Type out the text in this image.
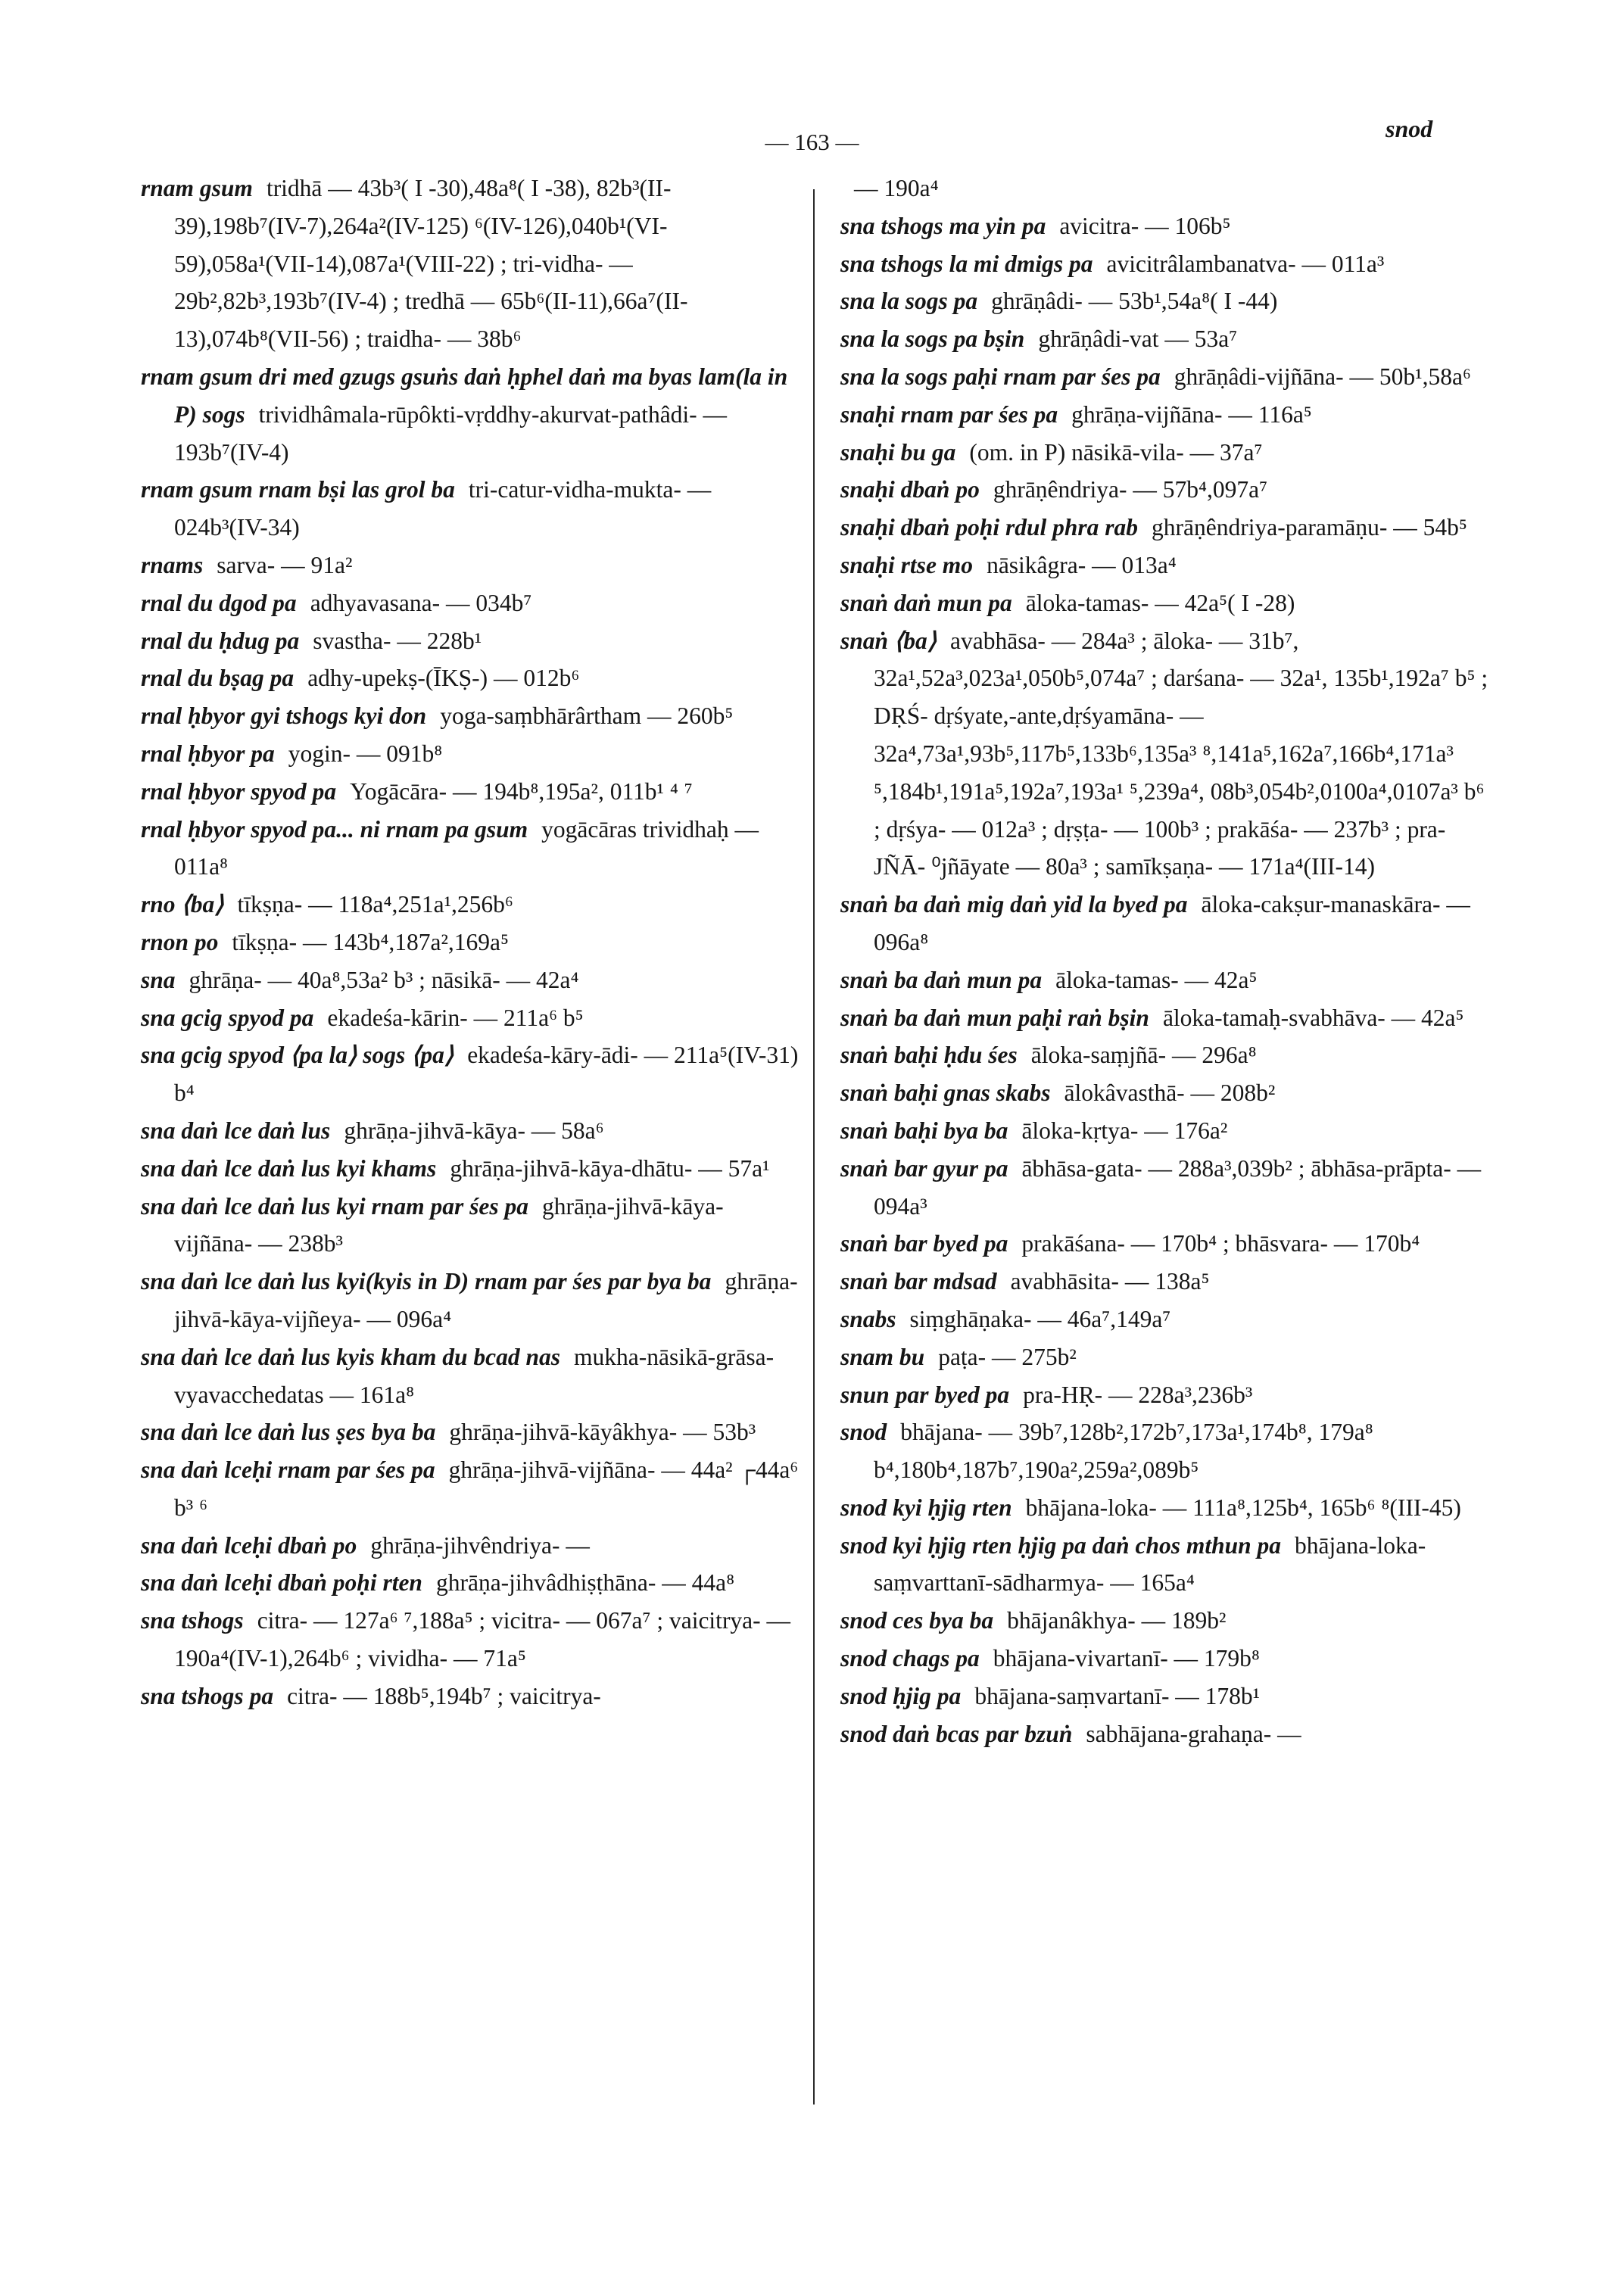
— 163 —	snod

rnam gsum tridhā — 43b³( I -30),48a⁸( I -38), 82b³(II-39),198b⁷(IV-7),264a²(IV-125) ⁶(IV-126),040b¹(VI-59),058a¹(VII-14),087a¹(VIII-22) ; tri-vidha- — 29b²,82b³,193b⁷(IV-4) ; tredhā — 65b⁶(II-11),66a⁷(II-13),074b⁸(VII-56) ; traidha- — 38b⁶

rnam gsum dri med gzugs gsuṅs daṅ ḥphel daṅ ma byas lam(la in P) sogs trividhâmala-rūpôkti-vṛddhy-akurvat-pathâdi- — 193b⁷(IV-4)

rnam gsum rnam bṣi las grol ba tri-catur-vidha-mukta- — 024b³(IV-34)

rnams sarva- — 91a²

rnal du dgod pa adhyavasana- — 034b⁷

rnal du ḥdug pa svastha- — 228b¹

rnal du bṣag pa adhy-upekṣ-(ĪKṢ-) — 012b⁶

rnal ḥbyor gyi tshogs kyi don yoga-saṃbhārârtham — 260b⁵

rnal ḥbyor pa yogin- — 091b⁸

rnal ḥbyor spyod pa Yogācāra- — 194b⁸,195a², 011b¹ ⁴ ⁷

rnal ḥbyor spyod pa... ni rnam pa gsum yogācāras trividhaḥ — 011a⁸

rno ⟨ba⟩ tīkṣṇa- — 118a⁴,251a¹,256b⁶

rnon po tīkṣṇa- — 143b⁴,187a²,169a⁵

sna ghrāṇa- — 40a⁸,53a² b³ ; nāsikā- — 42a⁴

sna gcig spyod pa ekadeśa-kārin- — 211a⁶ b⁵

sna gcig spyod ⟨pa la⟩ sogs ⟨pa⟩ ekadeśa-kāry-ādi- — 211a⁵(IV-31) b⁴

sna daṅ lce daṅ lus ghrāṇa-jihvā-kāya- — 58a⁶

sna daṅ lce daṅ lus kyi khams ghrāṇa-jihvā-kāya-dhātu- — 57a¹

sna daṅ lce daṅ lus kyi rnam par śes pa ghrāṇa-jihvā-kāya-vijñāna- — 238b³

sna daṅ lce daṅ lus kyi(kyis in D) rnam par śes par bya ba ghrāṇa-jihvā-kāya-vijñeya- — 096a⁴

sna daṅ lce daṅ lus kyis kham du bcad nas mukha-nāsikā-grāsa-vyavacchedatas — 161a⁸

sna daṅ lce daṅ lus ṣes bya ba ghrāṇa-jihvā-kāyâkhya- — 53b³

sna daṅ lceḥi rnam par śes pa ghrāṇa-jihvā-vijñāna- — 44a² ┌44a⁶ b³ ⁶

sna daṅ lceḥi dbaṅ po ghrāṇa-jihvêndriya- —

sna daṅ lceḥi dbaṅ poḥi rten ghrāṇa-jihvâdhiṣṭhāna- — 44a⁸

sna tshogs citra- — 127a⁶ ⁷,188a⁵ ; vicitra- — 067a⁷ ; vaicitrya- — 190a⁴(IV-1),264b⁶ ; vividha- — 71a⁵

sna tshogs pa citra- — 188b⁵,194b⁷ ; vaicitrya-

— 190a⁴

sna tshogs ma yin pa avicitra- — 106b⁵

sna tshogs la mi dmigs pa avicitrâlambanatva- — 011a³

sna la sogs pa ghrāṇâdi- — 53b¹,54a⁸( I -44)

sna la sogs pa bṣin ghrāṇâdi-vat — 53a⁷

sna la sogs paḥi rnam par śes pa ghrāṇâdi-vijñāna- — 50b¹,58a⁶

snaḥi rnam par śes pa ghrāṇa-vijñāna- — 116a⁵

snaḥi bu ga (om. in P) nāsikā-vila- — 37a⁷

snaḥi dbaṅ po ghrāṇêndriya- — 57b⁴,097a⁷

snaḥi dbaṅ poḥi rdul phra rab ghrāṇêndriya-paramāṇu- — 54b⁵

snaḥi rtse mo nāsikâgra- — 013a⁴

snaṅ daṅ mun pa āloka-tamas- — 42a⁵( I -28)

snaṅ ⟨ba⟩ avabhāsa- — 284a³ ; āloka- — 31b⁷, 32a¹,52a³,023a¹,050b⁵,074a⁷ ; darśana- — 32a¹, 135b¹,192a⁷ b⁵ ; DṚŚ- dṛśyate,-ante,dṛśyamāna- — 32a⁴,73a¹,93b⁵,117b⁵,133b⁶,135a³ ⁸,141a⁵,162a⁷,166b⁴,171a³ ⁵,184b¹,191a⁵,192a⁷,193a¹ ⁵,239a⁴, 08b³,054b²,0100a⁴,0107a³ b⁶ ; dṛśya- — 012a³ ; dṛṣṭa- — 100b³ ; prakāśa- — 237b³ ; pra-JÑĀ- ⁰jñāyate — 80a³ ; samīkṣaṇa- — 171a⁴(III-14)

snaṅ ba daṅ mig daṅ yid la byed pa āloka-cakṣur-manaskāra- — 096a⁸

snaṅ ba daṅ mun pa āloka-tamas- — 42a⁵

snaṅ ba daṅ mun paḥi raṅ bṣin āloka-tamaḥ-svabhāva- — 42a⁵

snaṅ baḥi ḥdu śes āloka-saṃjñā- — 296a⁸

snaṅ baḥi gnas skabs ālokâvasthā- — 208b²

snaṅ baḥi bya ba āloka-kṛtya- — 176a²

snaṅ bar gyur pa ābhāsa-gata- — 288a³,039b² ; ābhāsa-prāpta- — 094a³

snaṅ bar byed pa prakāśana- — 170b⁴ ; bhāsvara- — 170b⁴

snaṅ bar mdsad avabhāsita- — 138a⁵

snabs siṃghāṇaka- — 46a⁷,149a⁷

snam bu paṭa- — 275b²

snun par byed pa pra-HṚ- — 228a³,236b³

snod bhājana- — 39b⁷,128b²,172b⁷,173a¹,174b⁸, 179a⁸ b⁴,180b⁴,187b⁷,190a²,259a²,089b⁵

snod kyi ḥjig rten bhājana-loka- — 111a⁸,125b⁴, 165b⁶ ⁸(III-45)

snod kyi ḥjig rten ḥjig pa daṅ chos mthun pa bhājana-loka-saṃvarttanī-sādharmya- — 165a⁴

snod ces bya ba bhājanâkhya- — 189b²

snod chags pa bhājana-vivartanī- — 179b⁸

snod ḥjig pa bhājana-saṃvartanī- — 178b¹

snod daṅ bcas par bzuṅ sabhājana-grahaṇa- —
